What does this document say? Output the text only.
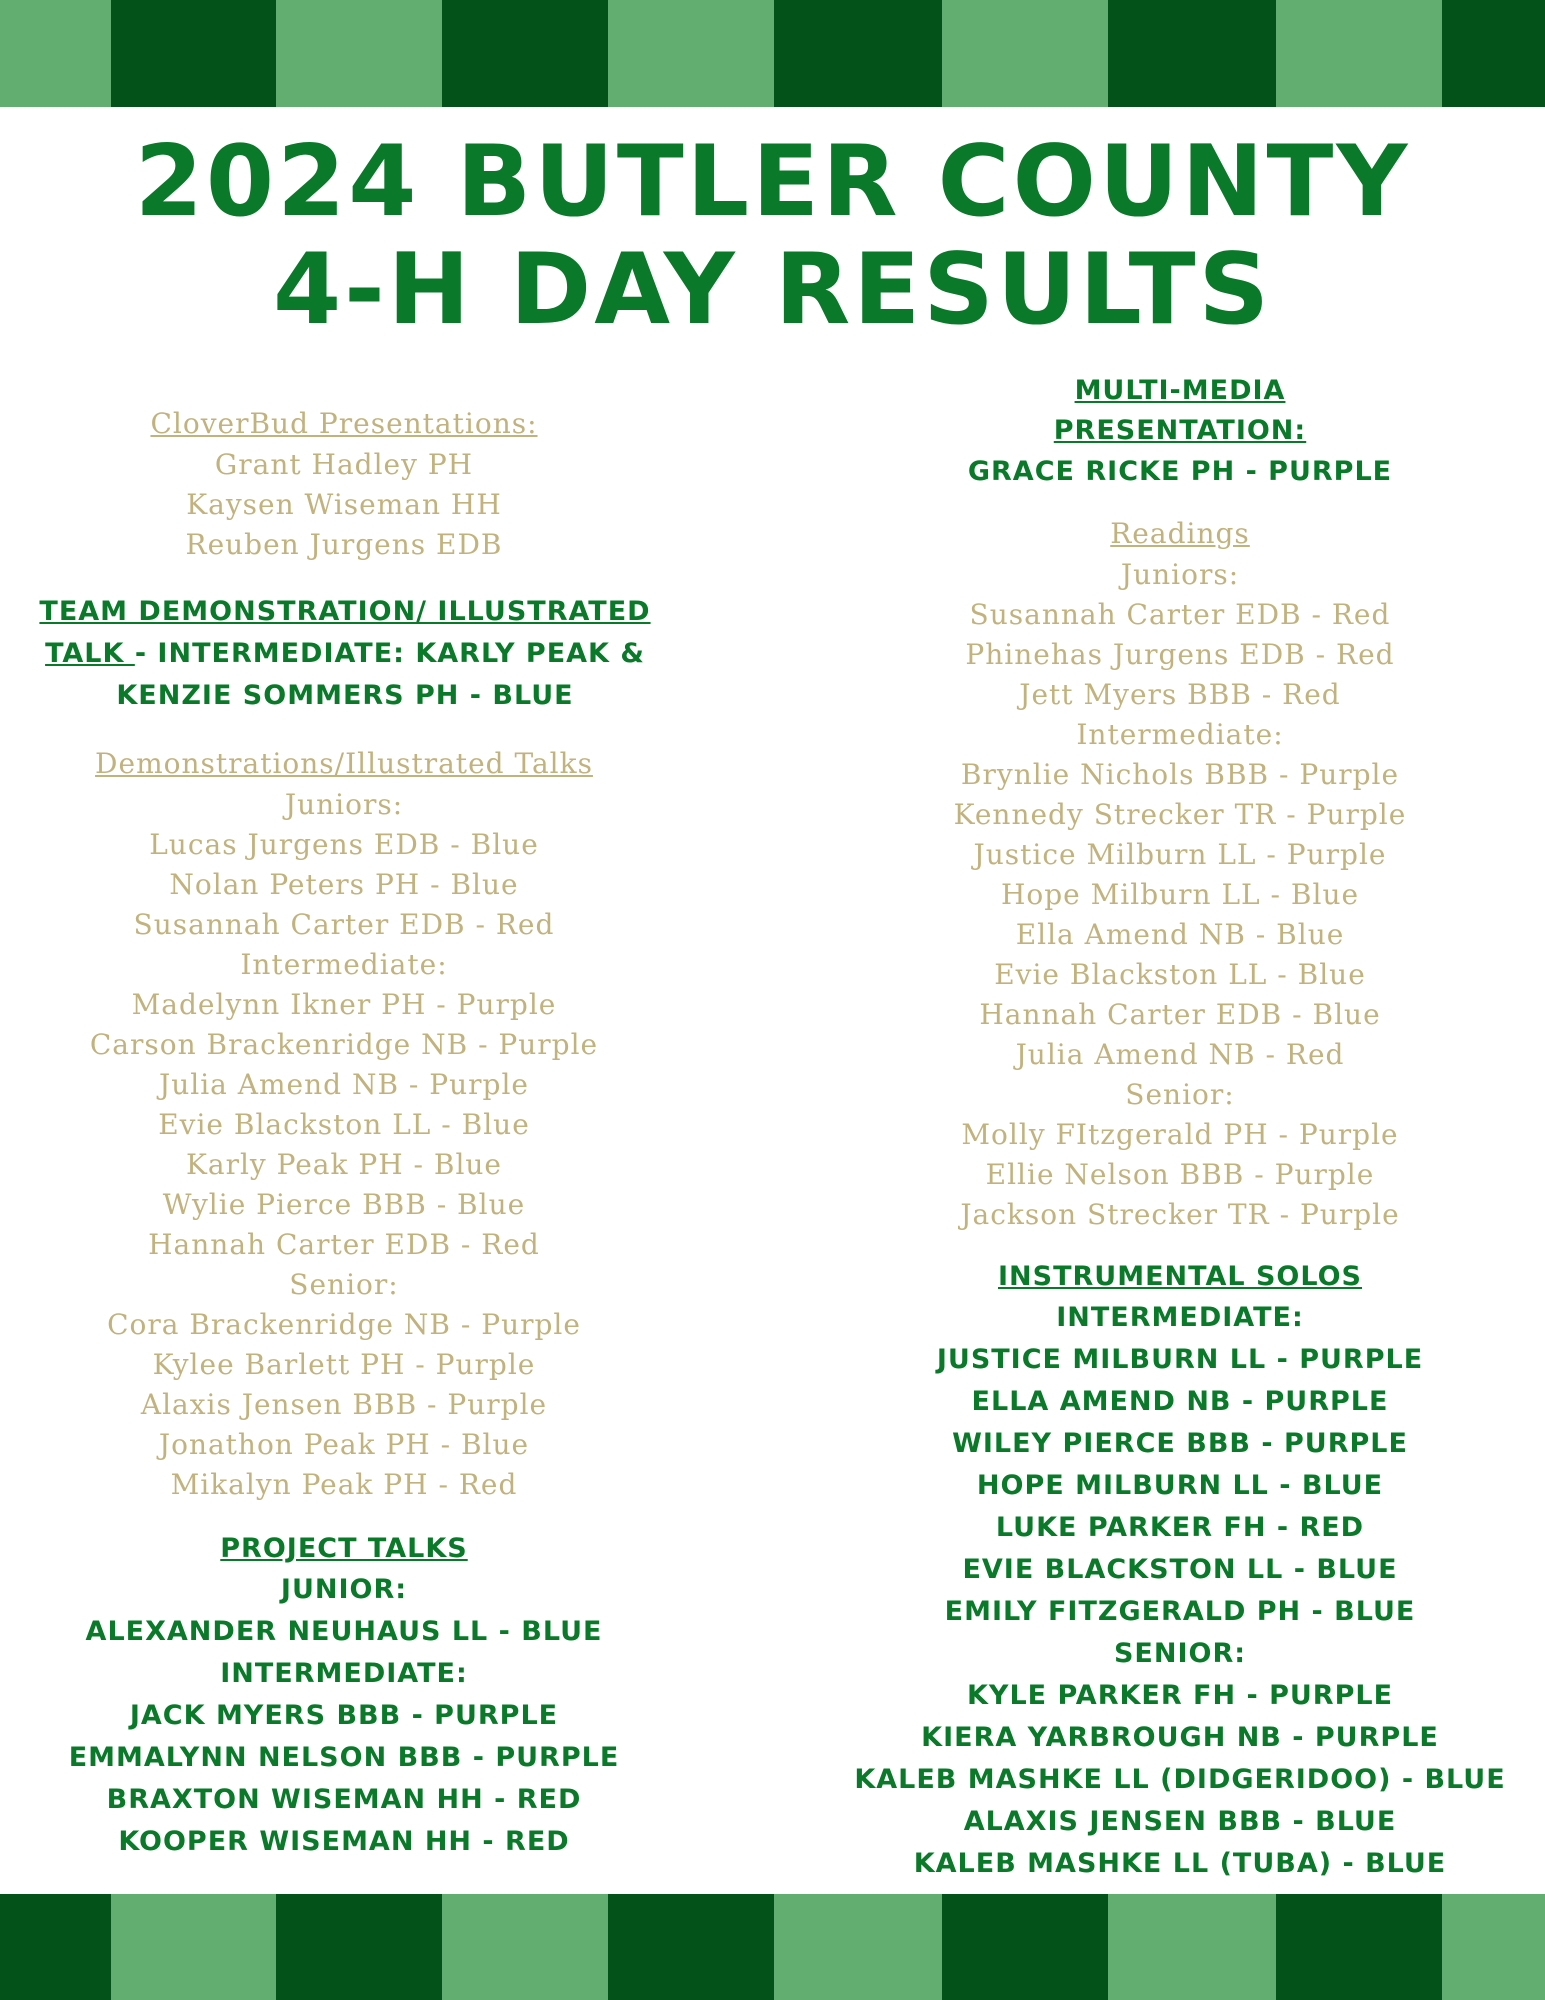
2024 BUTLER COUNTY
4-H DAY RESULTS
CloverBud Presentations:
Grant Hadley PH
Kaysen Wiseman HH
Reuben Jurgens EDB
TEAM DEMONSTRATION/ ILLUSTRATED
TALK - INTERMEDIATE: KARLY PEAK &
KENZIE SOMMERS PH - BLUE
Demonstrations/Illustrated Talks
Juniors:
Lucas Jurgens EDB - Blue
Nolan Peters PH - Blue
Susannah Carter EDB - Red
Intermediate:
Madelynn Ikner PH - Purple
Carson Brackenridge NB - Purple
Julia Amend NB - Purple
Evie Blackston LL - Blue
Karly Peak PH - Blue
Wylie Pierce BBB - Blue
Hannah Carter EDB - Red
Senior:
Cora Brackenridge NB - Purple
Kylee Barlett PH - Purple
Alaxis Jensen BBB - Purple
Jonathon Peak PH - Blue
Mikalyn Peak PH - Red
PROJECT TALKS
JUNIOR:
ALEXANDER NEUHAUS LL - BLUE
INTERMEDIATE:
JACK MYERS BBB - PURPLE
EMMALYNN NELSON BBB - PURPLE
BRAXTON WISEMAN HH - RED
KOOPER WISEMAN HH - RED
MULTI-MEDIA
PRESENTATION:
GRACE RICKE PH - PURPLE
Readings
Juniors:
Susannah Carter EDB - Red
Phinehas Jurgens EDB - Red
Jett Myers BBB - Red
Intermediate:
Brynlie Nichols BBB - Purple
Kennedy Strecker TR - Purple
Justice Milburn LL - Purple
Hope Milburn LL - Blue
Ella Amend NB - Blue
Evie Blackston LL - Blue
Hannah Carter EDB - Blue
Julia Amend NB - Red
Senior:
Molly FItzgerald PH - Purple
Ellie Nelson BBB - Purple
Jackson Strecker TR - Purple
INSTRUMENTAL SOLOS
INTERMEDIATE:
JUSTICE MILBURN LL - PURPLE
ELLA AMEND NB - PURPLE
WILEY PIERCE BBB - PURPLE
HOPE MILBURN LL - BLUE
LUKE PARKER FH - RED
EVIE BLACKSTON LL - BLUE
EMILY FITZGERALD PH - BLUE
SENIOR:
KYLE PARKER FH - PURPLE
KIERA YARBROUGH NB - PURPLE
KALEB MASHKE LL (DIDGERIDOO) - BLUE
ALAXIS JENSEN BBB - BLUE
KALEB MASHKE LL (TUBA) - BLUE
